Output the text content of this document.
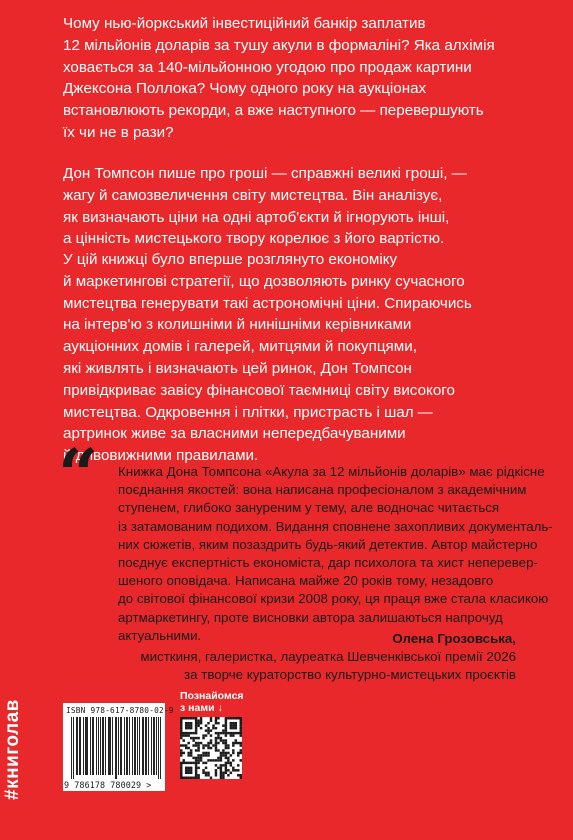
Чому нью-йоркський інвестиційний банкір заплатив
12 мільйонів доларів за тушу акули в формаліні? Яка алхімія
ховається за 140-мільйонною угодою про продаж картини
Джексона Поллока? Чому одного року на аукціонах
встановлюють рекорди, а вже наступного — перевершують
їх чи не в рази?
Дон Томпсон пише про гроші — справжні великі гроші, —
жагу й самозвеличення світу мистецтва. Він аналізує,
як визначають ціни на одні артоб'єкти й ігнорують інші,
а цінність мистецького твору корелює з його вартістю.
У цій книжці було вперше розглянуто економіку
й маркетингові стратегії, що дозволяють ринку сучасного
мистецтва генерувати такі астрономічні ціни. Спираючись
на інтерв'ю з колишніми й нинішніми керівниками
аукціонних домів і галерей, митцями й покупцями,
які живлять і визначають цей ринок, Дон Томпсон
привідкриває завісу фінансової таємниці світу високого
мистецтва. Одкровення і плітки, пристрасть і шал —
артринок живе за власними непередбачуваними
й дивовижними правилами.
“ Книжка Дона Томпсона «Акула за 12 мільйонів доларів» має рідкісне
поєднання якостей: вона написана професіоналом з академічним
ступенем, глибоко зануреним у тему, але водночас читається
із затамованим подихом. Видання сповнене захопливих документаль-
них сюжетів, яким позаздрить будь-який детектив. Автор майстерно
поєднує експертність економіста, дар психолога та хист неперевер-
шеного оповідача. Написана майже 20 років тому, незадовго
до світової фінансової кризи 2008 року, ця праця вже стала класикою
артмаркетингу, проте висновки автора залишаються напрочуд
актуальними.	Олена Грозовська,
мисткиня, галеристка, лауреатка Шевченківської премії 2026
за творче кураторство культурно-мистецьких проєктів
#книголав	ISBN 978-617-8780-02-9
9 786178 780029 >
Познайомся
з нами ↓
